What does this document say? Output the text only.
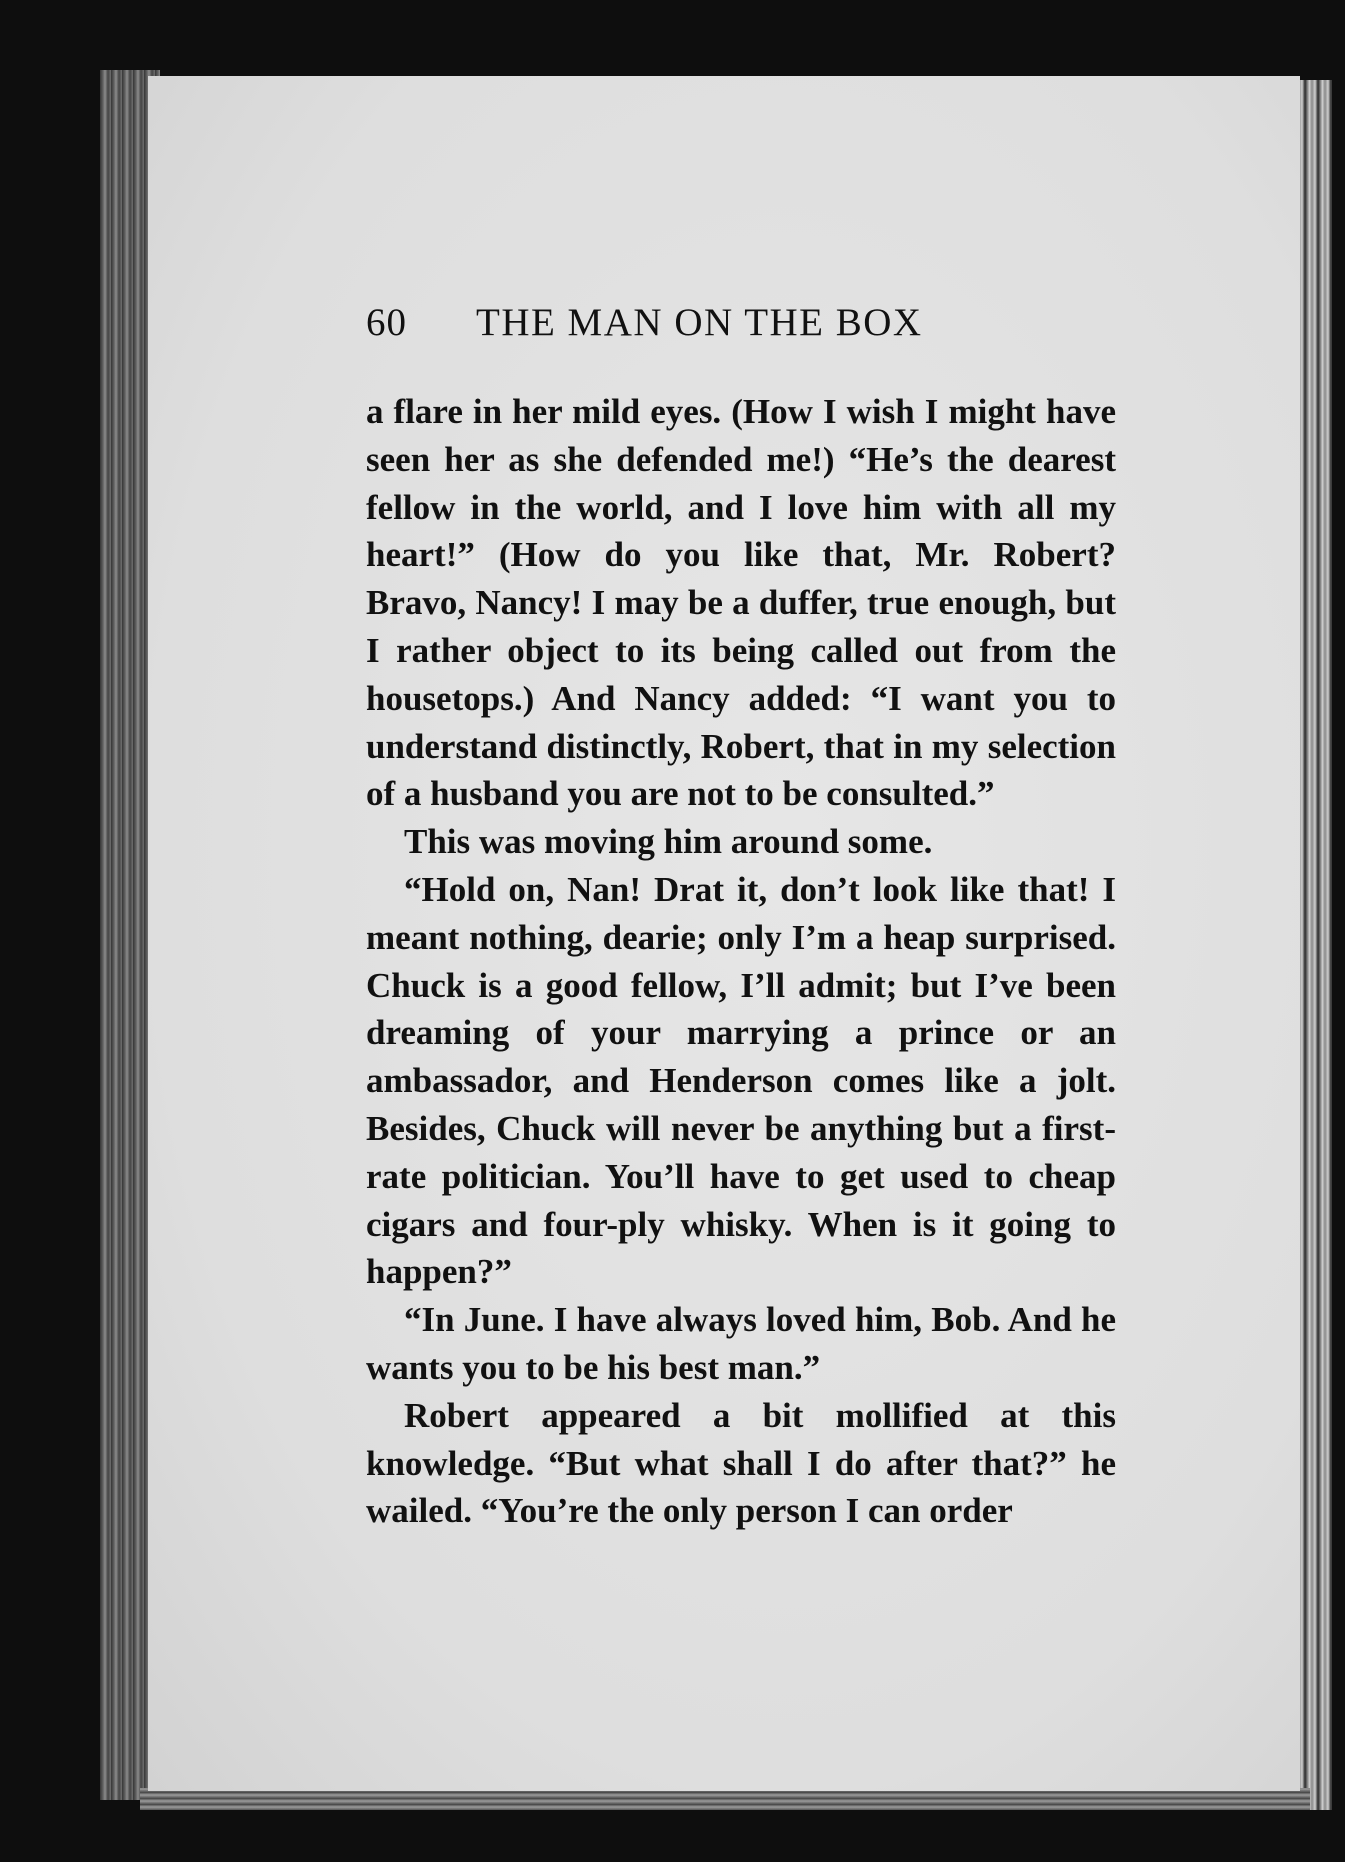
60	THE MAN ON THE BOX

a flare in her mild eyes. (How I wish I might have seen her as she defended me!) “He’s the dearest fellow in the world, and I love him with all my heart!” (How do you like that, Mr. Robert? Bravo, Nancy! I may be a duffer, true enough, but I rather object to its being called out from the housetops.) And Nancy added: “I want you to understand distinctly, Robert, that in my selection of a husband you are not to be consulted.”

This was moving him around some.

“Hold on, Nan! Drat it, don’t look like that! I meant nothing, dearie; only I’m a heap surprised. Chuck is a good fellow, I’ll admit; but I’ve been dreaming of your marrying a prince or an ambassador, and Henderson comes like a jolt. Besides, Chuck will never be anything but a first-rate politician. You’ll have to get used to cheap cigars and four-ply whisky. When is it going to happen?”

“In June. I have always loved him, Bob. And he wants you to be his best man.”

Robert appeared a bit mollified at this knowledge. “But what shall I do after that?” he wailed. “You’re the only person I can order
